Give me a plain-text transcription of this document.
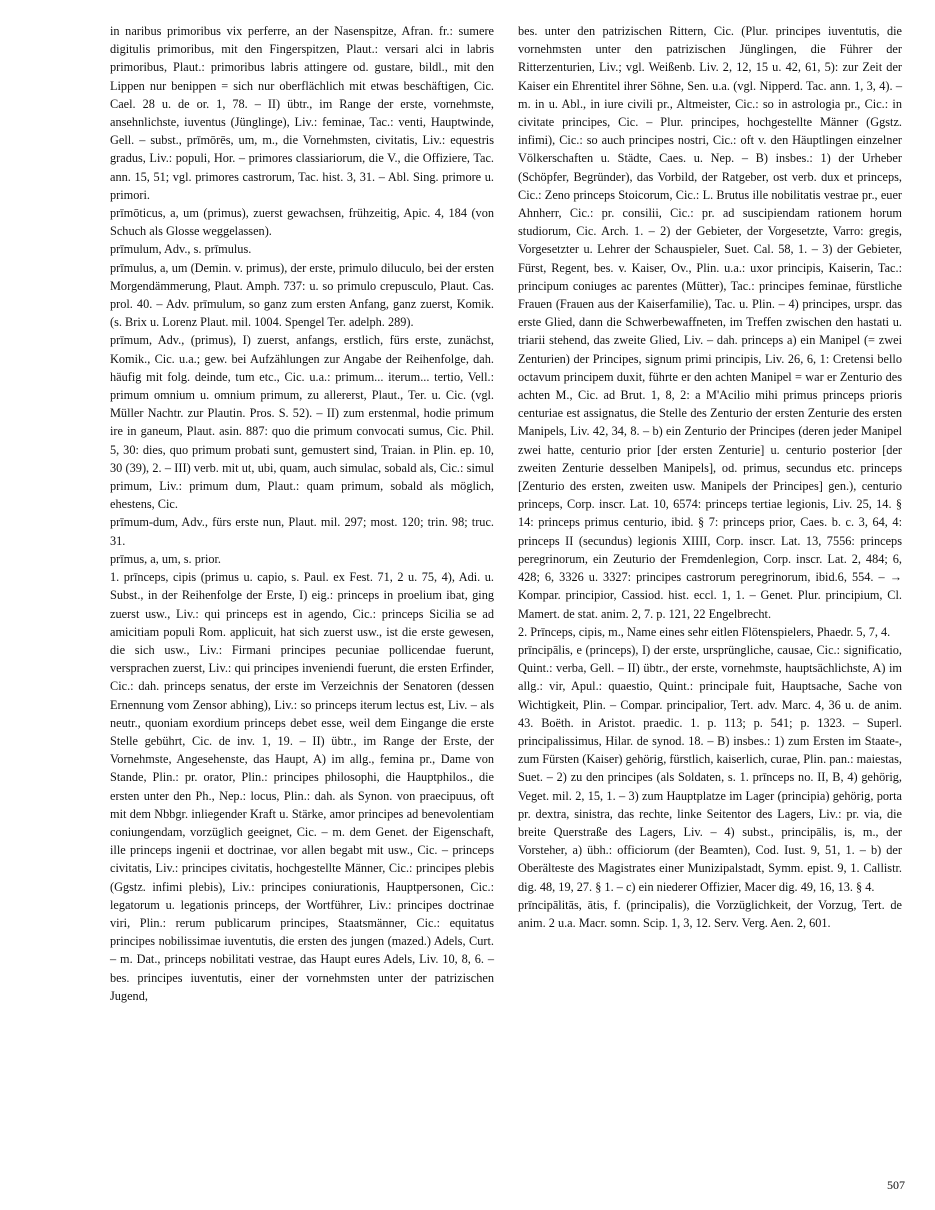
in naribus primoribus vix perferre, an der Nasenspitze, Afran. fr.: sumere digitulis primoribus, mit den Fingerspitzen, Plaut.: versari alci in labris primoribus, Plaut.: primoribus labris attingere od. gustare, bildl., mit den Lippen nur benippen = sich nur oberflächlich mit etwas beschäftigen, Cic. Cael. 28 u. de or. 1, 78. – II) übtr., im Range der erste, vornehmste, ansehnlichste, iuventus (Jünglinge), Liv.: feminae, Tac.: venti, Hauptwinde, Gell. – subst., prīmōrēs, um, m., die Vornehmsten, civitatis, Liv.: equestris gradus, Liv.: populi, Hor. – primores classiariorum, die V., die Offiziere, Tac. ann. 15, 51; vgl. primores castrorum, Tac. hist. 3, 31. – Abl. Sing. primore u. primori.

prīmōticus, a, um (primus), zuerst gewachsen, frühzeitig, Apic. 4, 184 (von Schuch als Glosse weggelassen).

prīmulum, Adv., s. prīmulus.

prīmulus, a, um (Demin. v. primus), der erste, primulo diluculo, bei der ersten Morgendämmerung, Plaut. Amph. 737: u. so primulo crepusculo, Plaut. Cas. prol. 40. – Adv. prīmulum, so ganz zum ersten Anfang, ganz zuerst, Komik. (s. Brix u. Lorenz Plaut. mil. 1004. Spengel Ter. adelph. 289).

prīmum, Adv., (primus), I) zuerst, anfangs, erstlich, fürs erste, zunächst, Komik., Cic. u.a.; gew. bei Aufzählungen zur Angabe der Reihenfolge, dah. häufig mit folg. deinde, tum etc., Cic. u.a.: primum... iterum... tertio, Vell.: primum omnium u. omnium primum, zu allererst, Plaut., Ter. u. Cic. (vgl. Müller Nachtr. zur Plautin. Pros. S. 52). – II) zum erstenmal, hodie primum ire in ganeum, Plaut. asin. 887: quo die primum convocati sumus, Cic. Phil. 5, 30: dies, quo primum probati sunt, gemustert sind, Traian. in Plin. ep. 10, 30 (39), 2. – III) verb. mit ut, ubi, quam, auch simulac, sobald als, Cic.: simul primum, Liv.: primum dum, Plaut.: quam primum, sobald als möglich, ehestens, Cic.

prīmum-dum, Adv., fürs erste nun, Plaut. mil. 297; most. 120; trin. 98; truc. 31.

prīmus, a, um, s. prior.

1. prīnceps, cipis (primus u. capio, s. Paul. ex Fest. 71, 2 u. 75, 4), Adi. u. Subst., in der Reihenfolge der Erste, I) eig.: princeps in proelium ibat, ging zuerst usw., Liv.: qui princeps est in agendo, Cic.: princeps Sicilia se ad amicitiam populi Rom. applicuit, hat sich zuerst usw., ist die erste gewesen, die sich usw., Liv.: Firmani principes pecuniae pollicendae fuerunt, versprachen zuerst, Liv.: qui principes inveniendi fuerunt, die ersten Erfinder, Cic.: dah. princeps senatus, der erste im Verzeichnis der Senatoren (dessen Ernennung vom Zensor abhing), Liv.: so princeps iterum lectus est, Liv. – als neutr., quoniam exordium princeps debet esse, weil dem Eingange die erste Stelle gebührt, Cic. de inv. 1, 19. – II) übtr., im Range der Erste, der Vornehmste, Angesehenste, das Haupt, A) im allg., femina pr., Dame von Stande, Plin.: pr. orator, Plin.: principes philosophi, die Hauptphilos., die ersten unter den Ph., Nep.: locus, Plin.: dah. als Synon. von praecipuus, oft mit dem Nbbgr. inliegender Kraft u. Stärke, amor principes ad benevolentiam coniungendam, vorzüglich geeignet, Cic. – m. dem Genet. der Eigenschaft, ille princeps ingenii et doctrinae, vor allen begabt mit usw., Cic. – princeps civitatis, Liv.: principes civitatis, hochgestellte Männer, Cic.: principes plebis (Ggstz. infimi plebis), Liv.: principes coniurationis, Hauptpersonen, Cic.: legatorum u. legationis princeps, der Wortführer, Liv.: principes doctrinae viri, Plin.: rerum publicarum principes, Staatsmänner, Cic.: equitatus principes nobilissimae iuventutis, die ersten des jungen (mazed.) Adels, Curt. – m. Dat., princeps nobilitati vestrae, das Haupt eures Adels, Liv. 10, 8, 6. – bes. principes iuventutis, einer der vornehmsten unter der patrizischen Jugend,

bes. unter den patrizischen Rittern, Cic. (Plur. principes iuventutis, die vornehmsten unter den patrizischen Jünglingen, die Führer der Ritterzenturien, Liv.; vgl. Weißenb. Liv. 2, 12, 15 u. 42, 61, 5): zur Zeit der Kaiser ein Ehrentitel ihrer Söhne, Sen. u.a. (vgl. Nipperd. Tac. ann. 1, 3, 4). – m. in u. Abl., in iure civili pr., Altmeister, Cic.: so in astrologia pr., Cic.: in civitate principes, Cic. – Plur. principes, hochgestellte Männer (Ggstz. infimi), Cic.: so auch principes nostri, Cic.: oft v. den Häuptlingen einzelner Völkerschaften u. Städte, Caes. u. Nep. – B) insbes.: 1) der Urheber (Schöpfer, Begründer), das Vorbild, der Ratgeber, ost verb. dux et princeps, Cic.: Zeno princeps Stoicorum, Cic.: L. Brutus ille nobilitatis vestrae pr., euer Ahnherr, Cic.: pr. consilii, Cic.: pr. ad suscipiendam rationem horum studiorum, Cic. Arch. 1. – 2) der Gebieter, der Vorgesetzte, Varro: gregis, Vorgesetzter u. Lehrer der Schauspieler, Suet. Cal. 58, 1. – 3) der Gebieter, Fürst, Regent, bes. v. Kaiser, Ov., Plin. u.a.: uxor principis, Kaiserin, Tac.: principum coniuges ac parentes (Mütter), Tac.: principes feminae, fürstliche Frauen (Frauen aus der Kaiserfamilie), Tac. u. Plin. – 4) principes, urspr. das erste Glied, dann die Schwerbewaffneten, im Treffen zwischen den hastati u. triarii stehend, das zweite Glied, Liv. – dah. princeps a) ein Manipel (= zwei Zenturien) der Principes, signum primi principis, Liv. 26, 6, 1: Cretensi bello octavum principem duxit, führte er den achten Manipel = war er Zenturio des achten M., Cic. ad Brut. 1, 8, 2: a M'Acilio mihi primus princeps prioris centuriae est assignatus, die Stelle des Zenturio der ersten Zenturie des ersten Manipels, Liv. 42, 34, 8. – b) ein Zenturio der Principes (deren jeder Manipel zwei hatte, centurio prior [der ersten Zenturie] u. centurio posterior [der zweiten Zenturie desselben Manipels], od. primus, secundus etc. princeps [Zenturio des ersten, zweiten usw. Manipels der Principes] gen.), centurio princeps, Corp. inscr. Lat. 10, 6574: princeps tertiae legionis, Liv. 25, 14. § 14: princeps primus centurio, ibid. § 7: princeps prior, Caes. b. c. 3, 64, 4: princeps II (secundus) legionis XIIII, Corp. inscr. Lat. 13, 7556: princeps peregrinorum, ein Zeuturio der Fremdenlegion, Corp. inscr. Lat. 2, 484; 6, 428; 6, 3326 u. 3327: principes castrorum peregrinorum, ibid.6, 554. – → Kompar. principior, Cassiod. hist. eccl. 1, 1. – Genet. Plur. principium, Cl. Mamert. de stat. anim. 2, 7. p. 121, 22 Engelbrecht.

2. Prīnceps, cipis, m., Name eines sehr eitlen Flötenspielers, Phaedr. 5, 7, 4.

prīncipālis, e (princeps), I) der erste, ursprüngliche, causae, Cic.: significatio, Quint.: verba, Gell. – II) übtr., der erste, vornehmste, hauptsächlichste, A) im allg.: vir, Apul.: quaestio, Quint.: principale fuit, Hauptsache, Sache von Wichtigkeit, Plin. – Compar. principalior, Tert. adv. Marc. 4, 36 u. de anim. 43. Boëth. in Aristot. praedic. 1. p. 113; p. 541; p. 1323. – Superl. principalissimus, Hilar. de synod. 18. – B) insbes.: 1) zum Ersten im Staate-, zum Fürsten (Kaiser) gehörig, fürstlich, kaiserlich, curae, Plin. pan.: maiestas, Suet. – 2) zu den principes (als Soldaten, s. 1. prīnceps no. II, B, 4) gehörig, Veget. mil. 2, 15, 1. – 3) zum Hauptplatze im Lager (principia) gehörig, porta pr. dextra, sinistra, das rechte, linke Seitentor des Lagers, Liv.: pr. via, die breite Querstraße des Lagers, Liv. – 4) subst., principālis, is, m., der Vorsteher, a) übh.: officiorum (der Beamten), Cod. Iust. 9, 51, 1. – b) der Oberälteste des Magistrates einer Munizipalstadt, Symm. epist. 9, 1. Callistr. dig. 48, 19, 27. § 1. – c) ein niederer Offizier, Macer dig. 49, 16, 13. § 4.

prīncipālitās, ātis, f. (principalis), die Vorzüglichkeit, der Vorzug, Tert. de anim. 2 u.a. Macr. somn. Scip. 1, 3, 12. Serv. Verg. Aen. 2, 601.

507
